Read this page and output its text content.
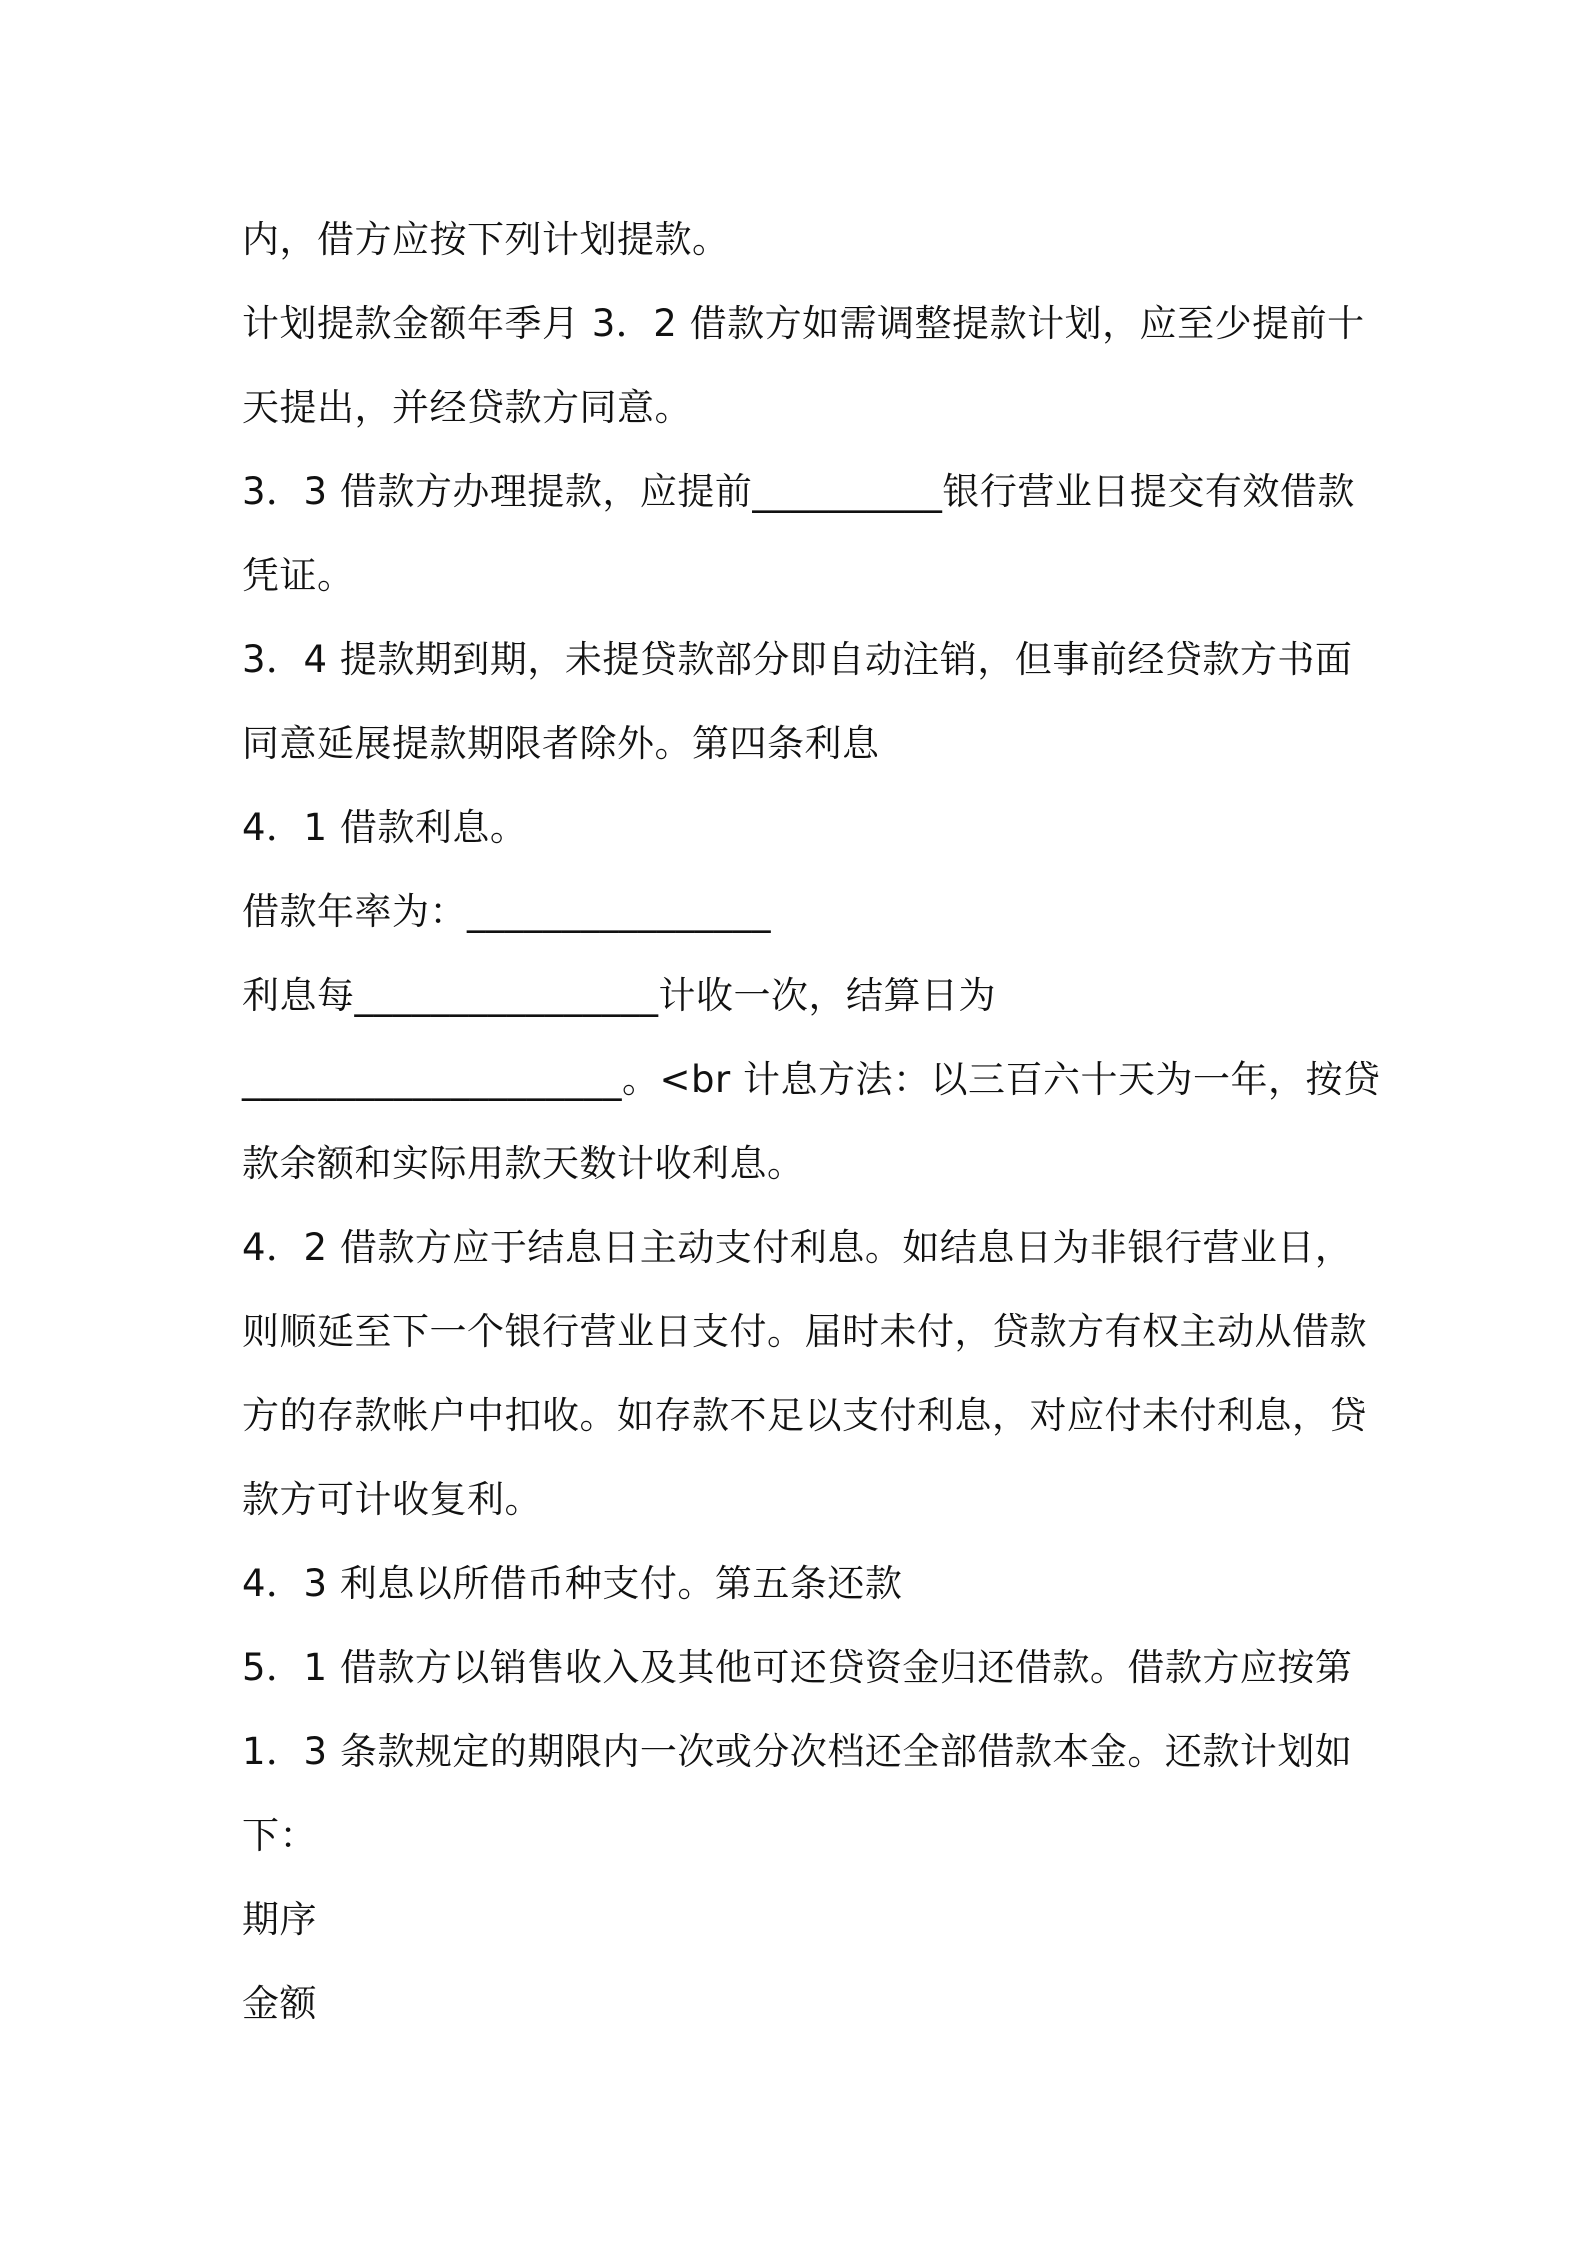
内，借方应按下列计划提款。
计划提款金额年季月 3．2 借款方如需调整提款计划，应至少提前十
天提出，并经贷款方同意。
3．3 借款方办理提款，应提前__________银行营业日提交有效借款
凭证。
3．4 提款期到期，未提贷款部分即自动注销，但事前经贷款方书面
同意延展提款期限者除外。第四条利息
4．1 借款利息。
借款年率为：________________
利息每________________计收一次，结算日为
____________________。<br 计息方法：以三百六十天为一年，按贷
款余额和实际用款天数计收利息。
4．2 借款方应于结息日主动支付利息。如结息日为非银行营业日，
则顺延至下一个银行营业日支付。届时未付，贷款方有权主动从借款
方的存款帐户中扣收。如存款不足以支付利息，对应付未付利息，贷
款方可计收复利。
4．3 利息以所借币种支付。第五条还款
5．1 借款方以销售收入及其他可还贷资金归还借款。借款方应按第
1．3 条款规定的期限内一次或分次档还全部借款本金。还款计划如
下：
期序
金额
